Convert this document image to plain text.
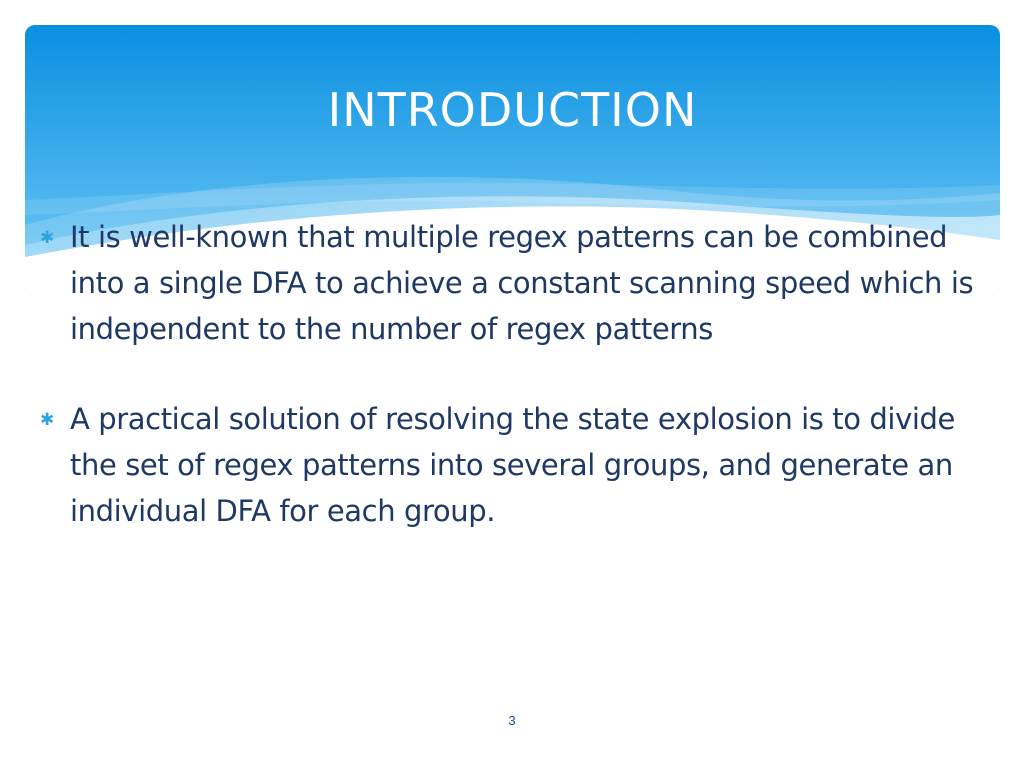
INTRODUCTION
✱ It is well-known that multiple regex patterns can be combined into a single DFA to achieve a constant scanning speed which is independent to the number of regex patterns
✱ A practical solution of resolving the state explosion is to divide the set of regex patterns into several groups, and generate an individual DFA for each group.
3
